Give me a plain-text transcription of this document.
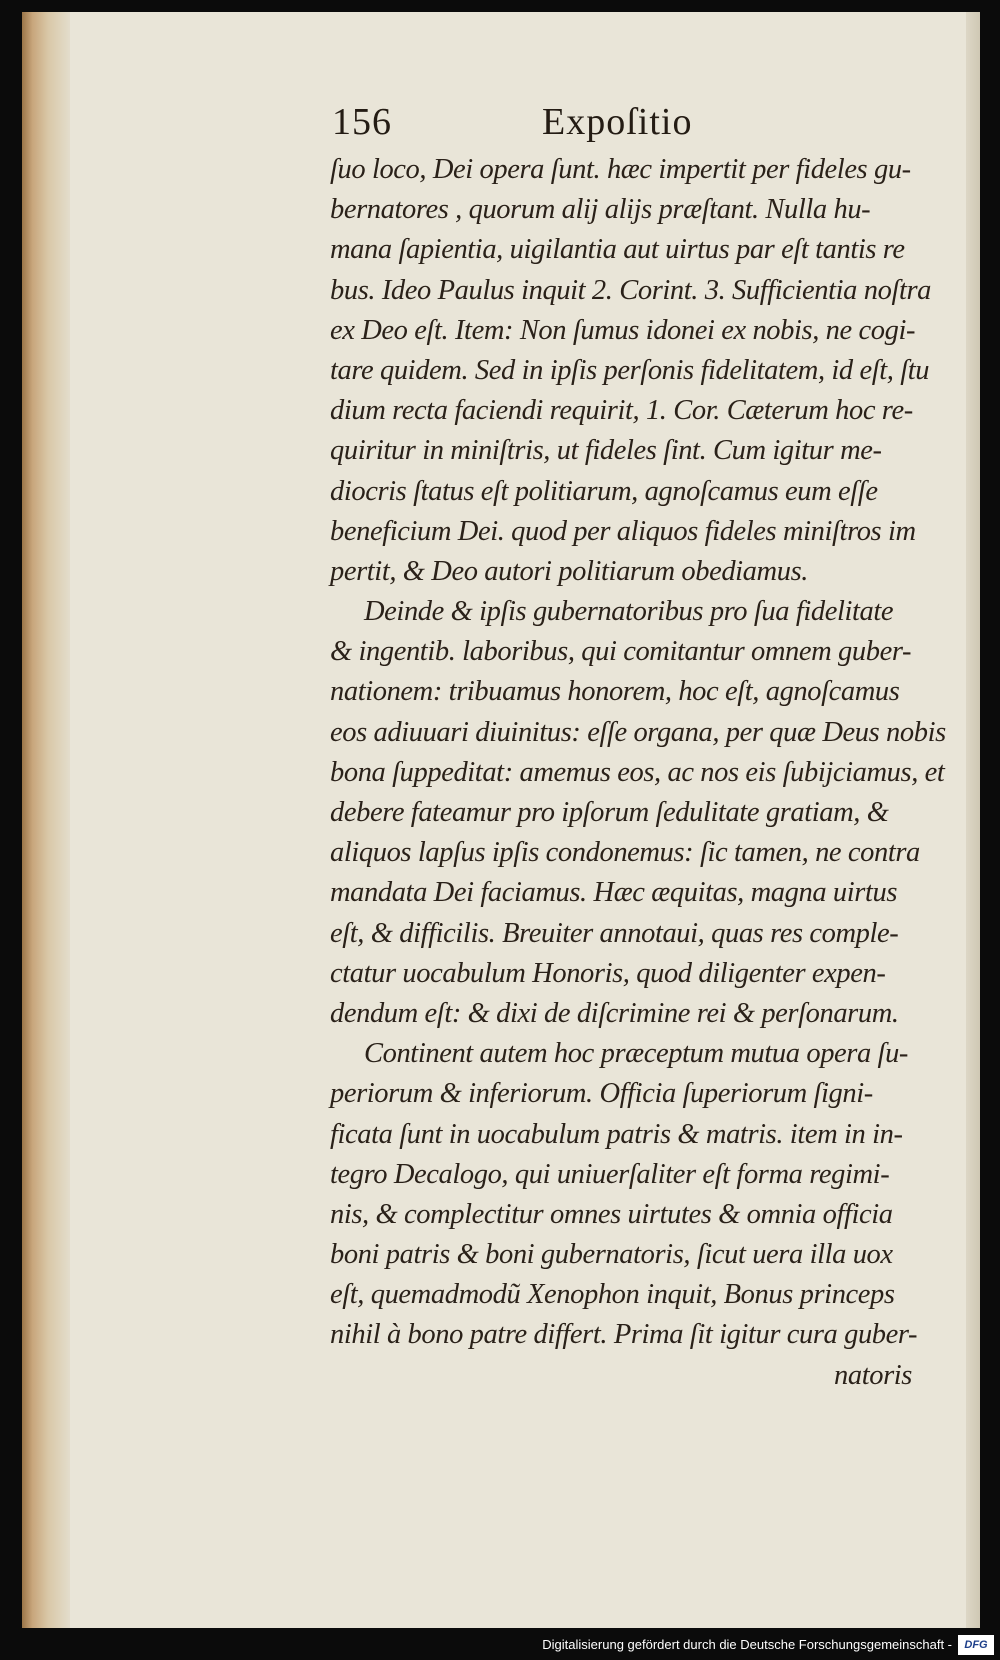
156	Expoſitio
ſuo loco, Dei opera ſunt. hæc impertit per fideles gu-
bernatores , quorum alij alijs præſtant. Nulla hu-
mana ſapientia, uigilantia aut uirtus par eſt tantis re
bus. Ideo Paulus inquit 2. Corint. 3. Sufficientia noſtra
ex Deo eſt. Item: Non ſumus idonei ex nobis, ne cogi-
tare quidem. Sed in ipſis perſonis fidelitatem, id eſt, ſtu
dium recta faciendi requirit, 1. Cor. Cæterum hoc re-
quiritur in miniſtris, ut fideles ſint. Cum igitur me-
diocris ſtatus eſt politiarum, agnoſcamus eum eſſe
beneficium Dei. quod per aliquos fideles miniſtros im
pertit, & Deo autori politiarum obediamus.
Deinde & ipſis gubernatoribus pro ſua fidelitate
& ingentib. laboribus, qui comitantur omnem guber-
nationem: tribuamus honorem, hoc eſt, agnoſcamus
eos adiuuari diuinitus: eſſe organa, per quæ Deus nobis
bona ſuppeditat: amemus eos, ac nos eis ſubijciamus, et
debere fateamur pro ipſorum ſedulitate gratiam, &
aliquos lapſus ipſis condonemus: ſic tamen, ne contra
mandata Dei faciamus. Hæc æquitas, magna uirtus
eſt, & difficilis. Breuiter annotaui, quas res comple-
ctatur uocabulum Honoris, quod diligenter expen-
dendum eſt: & dixi de diſcrimine rei & perſonarum.
Continent autem hoc præceptum mutua opera ſu-
periorum & inferiorum. Officia ſuperiorum ſigni-
ficata ſunt in uocabulum patris & matris. item in in-
tegro Decalogo, qui uniuerſaliter eſt forma regimi-
nis, & complectitur omnes uirtutes & omnia officia
boni patris & boni gubernatoris, ſicut uera illa uox
eſt, quemadmodũ Xenophon inquit, Bonus princeps
nihil à bono patre differt. Prima ſit igitur cura guber-
natoris
Digitalisierung gefördert durch die Deutsche Forschungsgemeinschaft - DFG
